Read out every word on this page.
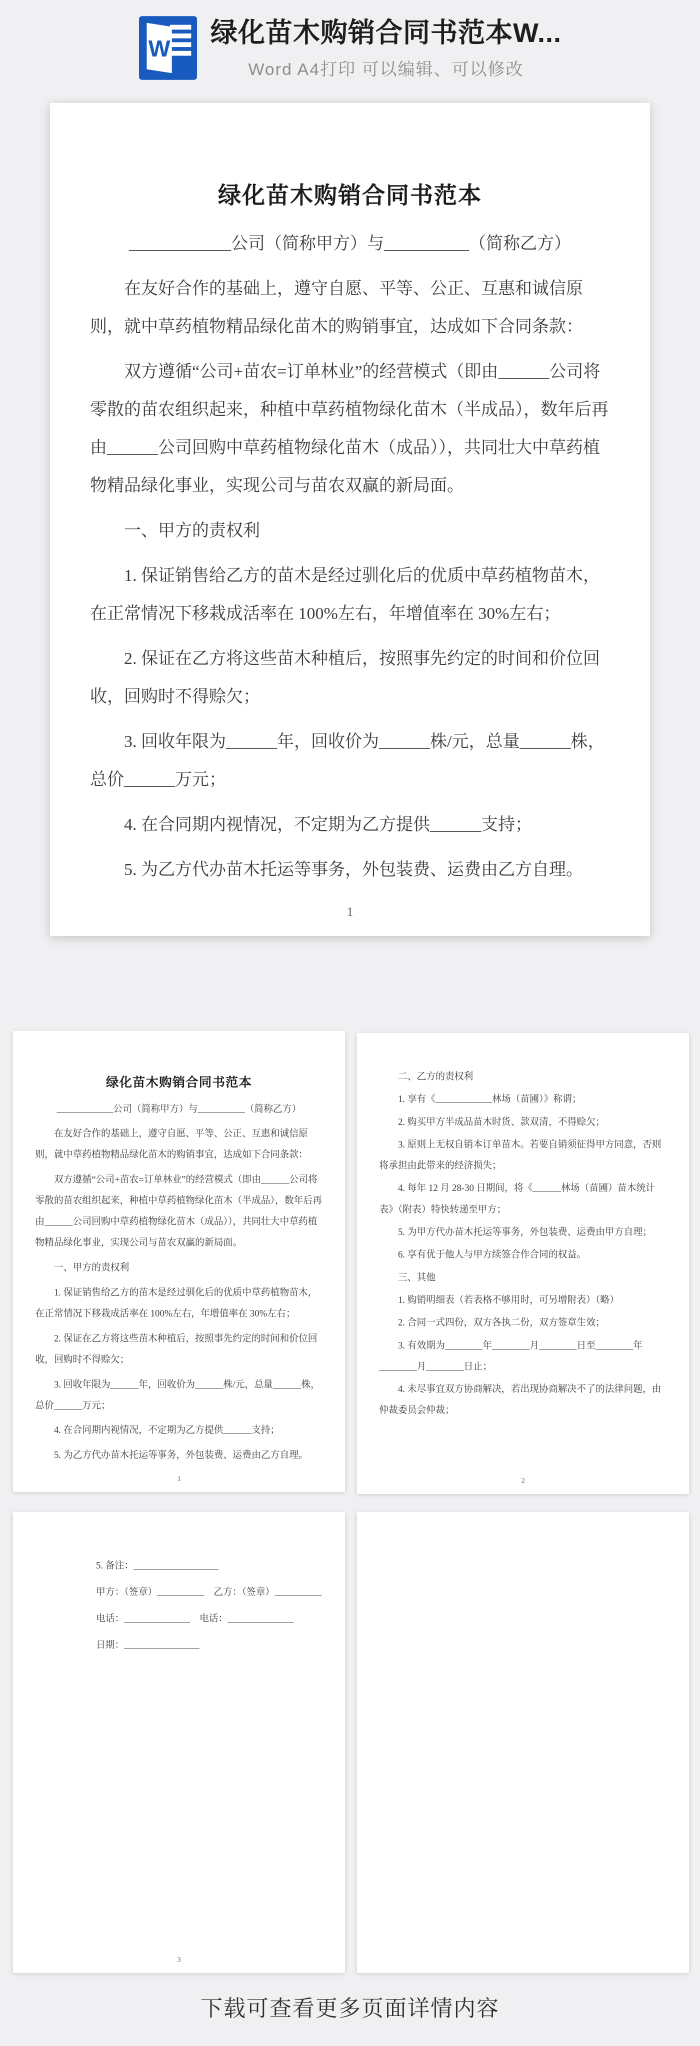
W
绿化苗木购销合同书范本W...
Word A4打印 可以编辑、可以修改
绿化苗木购销合同书范本

____________公司（简称甲方）与__________（简称乙方）

在友好合作的基础上，遵守自愿、平等、公正、互惠和诚信原则，就中草药植物精品绿化苗木的购销事宜，达成如下合同条款：

双方遵循“公司+苗农=订单林业”的经营模式（即由______公司将零散的苗农组织起来，种植中草药植物绿化苗木（半成品），数年后再由______公司回购中草药植物绿化苗木（成品）），共同壮大中草药植物精品绿化事业，实现公司与苗农双赢的新局面。

一、甲方的责权利

1. 保证销售给乙方的苗木是经过驯化后的优质中草药植物苗木，在正常情况下移栽成活率在 100%左右，年增值率在 30%左右；

2. 保证在乙方将这些苗木种植后，按照事先约定的时间和价位回收，回购时不得赊欠；

3. 回收年限为______年，回收价为______株/元，总量______株，总价______万元；

4. 在合同期内视情况，不定期为乙方提供______支持；

5. 为乙方代办苗木托运等事务，外包装费、运费由乙方自理。

1
绿化苗木购销合同书范本

____________公司（简称甲方）与__________（简称乙方）

在友好合作的基础上，遵守自愿、平等、公正、互惠和诚信原则，就中草药植物精品绿化苗木的购销事宜，达成如下合同条款：

双方遵循“公司+苗农=订单林业”的经营模式（即由______公司将零散的苗农组织起来，种植中草药植物绿化苗木（半成品），数年后再由______公司回购中草药植物绿化苗木（成品）），共同壮大中草药植物精品绿化事业，实现公司与苗农双赢的新局面。

一、甲方的责权利

1. 保证销售给乙方的苗木是经过驯化后的优质中草药植物苗木，在正常情况下移栽成活率在 100%左右，年增值率在 30%左右；

2. 保证在乙方将这些苗木种植后，按照事先约定的时间和价位回收，回购时不得赊欠；

3. 回收年限为______年，回收价为______株/元，总量______株，总价______万元；

4. 在合同期内视情况，不定期为乙方提供______支持；

5. 为乙方代办苗木托运等事务，外包装费、运费由乙方自理。

1

二、乙方的责权利

1. 享有《____________林场（苗圃）》称谓；

2. 购买甲方半成品苗木时货、款双清，不得赊欠；

3. 原则上无权自销本订单苗木。若要自销须征得甲方同意，否则将承担由此带来的经济损失；

4. 每年 12 月 28-30 日期间，将《______林场（苗圃）苗木统计表》（附表）特快转递至甲方；

5. 为甲方代办苗木托运等事务，外包装费、运费由甲方自理；

6. 享有优于他人与甲方续签合作合同的权益。

三、其他

1. 购销明细表（若表格不够用时，可另增附表）（略）

2. 合同一式四份，双方各执二份，双方签章生效；

3. 有效期为________年________月________日至________年________月________日止；

4. 未尽事宜双方协商解决，若出现协商解决不了的法律问题，由仲裁委员会仲裁；

2

5. 备注：__________________

甲方：（签章）__________　乙方：（签章）__________

电话：______________　电话：______________

日期：________________

3
下载可查看更多页面详情内容
